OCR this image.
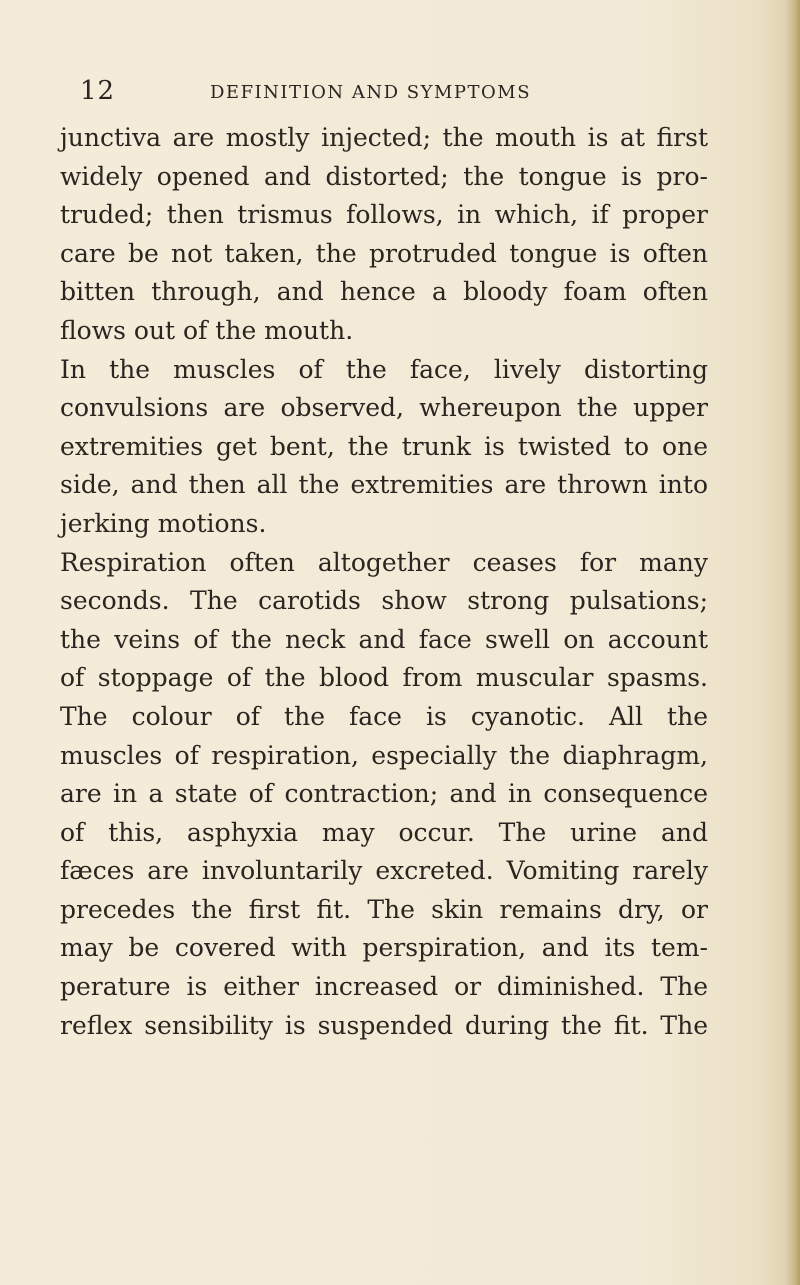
12	DEFINITION AND SYMPTOMS
junctiva are mostly injected; the mouth is at first
widely opened and distorted; the tongue is pro-
truded; then trismus follows, in which, if proper
care be not taken, the protruded tongue is often
bitten through, and hence a bloody foam often
flows out of the mouth.
In the muscles of the face, lively distorting
convulsions are observed, whereupon the upper
extremities get bent, the trunk is twisted to one
side, and then all the extremities are thrown into
jerking motions.
Respiration often altogether ceases for many
seconds. The carotids show strong pulsations;
the veins of the neck and face swell on account
of stoppage of the blood from muscular spasms.
The colour of the face is cyanotic. All the
muscles of respiration, especially the diaphragm,
are in a state of contraction; and in consequence
of this, asphyxia may occur. The urine and
fæces are involuntarily excreted. Vomiting rarely
precedes the first fit. The skin remains dry, or
may be covered with perspiration, and its tem-
perature is either increased or diminished. The
reflex sensibility is suspended during the fit. The
